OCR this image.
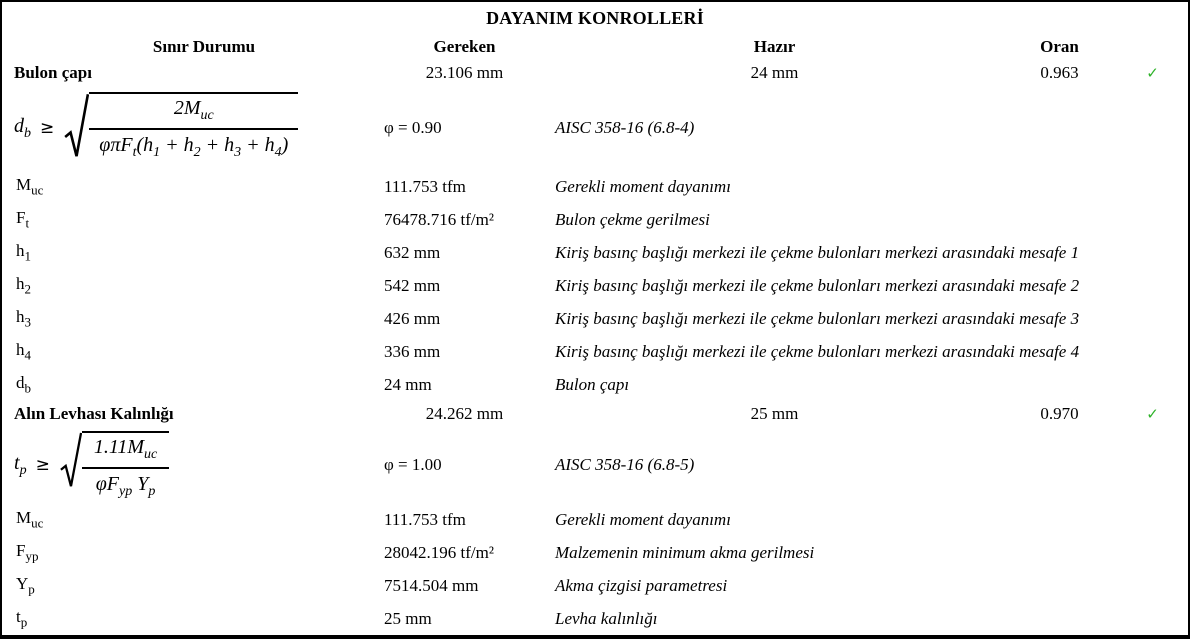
DAYANIM KONROLLERİ
Sınır Durumu	Gereken	Hazır	Oran
Bulon çapı	23.106 mm	24 mm	0.963	✓
$d_b \ge \frac{2M_{uc}}{\varphi\pi F_t(h_1 + h_2 + h_3 + h_4)}$	φ = 0.90	AISC 358-16 (6.8-4)
$M_{uc}$	111.753 tfm	Gerekli moment dayanımı
$F_t$	76478.716 tf/m²	Bulon çekme gerilmesi
$h_1$	632 mm	Kiriş basınç başlığı merkezi ile çekme bulonları merkezi arasındaki mesafe 1
$h_2$	542 mm	Kiriş basınç başlığı merkezi ile çekme bulonları merkezi arasındaki mesafe 2
$h_3$	426 mm	Kiriş basınç başlığı merkezi ile çekme bulonları merkezi arasındaki mesafe 3
$h_4$	336 mm	Kiriş basınç başlığı merkezi ile çekme bulonları merkezi arasındaki mesafe 4
$d_b$	24 mm	Bulon çapı
Alın Levhası Kalınlığı	24.262 mm	25 mm	0.970	✓
$t_p \ge \frac{1.11M_{uc}}{\varphi F_{yp} Y_p}$	φ = 1.00	AISC 358-16 (6.8-5)
$M_{uc}$	111.753 tfm	Gerekli moment dayanımı
$F_{yp}$	28042.196 tf/m²	Malzemenin minimum akma gerilmesi
$Y_p$	7514.504 mm	Akma çizgisi parametresi
$t_p$	25 mm	Levha kalınlığı
